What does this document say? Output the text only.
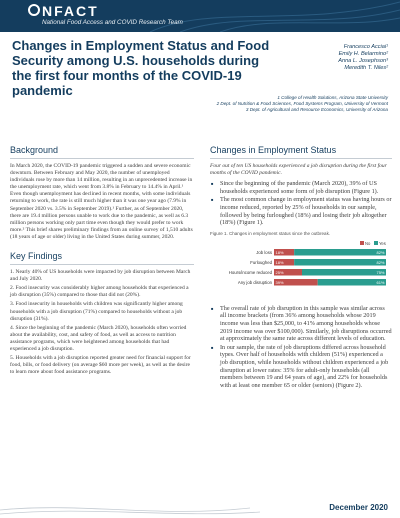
NFACT
National Food Access and COVID Research Team
Changes in Employment Status and Food Security among U.S. households during the first four months of the COVID-19 pandemic
Francesco Acciai¹
Emily H. Belarmino²
Anna L. Josephson³
Meredith T. Niles²
1 College of Health Solutions, Arizona State University
2 Dept. of Nutrition & Food Sciences, Food Systems Program, University of Vermont
3 Dept. of Agricultural and Resource Economics, University of Arizona
Background

In March 2020, the COVID-19 pandemic triggered a sudden and severe economic downturn. Between February and May 2020, the number of unemployed individuals rose by more than 14 million, resulting in an unprecedented increase in the unemployment rate, which went from 3.8% in February to 14.4% in April.¹ Even though unemployment has declined in recent months, with some individuals returning to work, the rate is still much higher than it was one year ago (7.9% in September 2020 vs. 3.5% in September 2019).¹ Further, as of September 2020, there are 19.4 million persons unable to work due to the pandemic, as well as 6.3 million persons working only part time even though they would prefer to work more.² This brief shares preliminary findings from an online survey of 1,510 adults (18 years of age or older) living in the United States during summer, 2020.

Key Findings
1. Nearly 40% of US households were impacted by job disruption between March and July 2020.
2. Food insecurity was considerably higher among households that experienced a job disruption (35%) compared to those that did not (20%).
3. Food insecurity in households with children was significantly higher among households with a job disruption (71%) compared to households without a job disruption (31%).
4. Since the beginning of the pandemic (March 2020), households often worried about the availability, cost, and safety of food, as well as access to nutrition assistance programs, which were heightened among households that had experienced a job disruption.
5. Households with a job disruption reported greater need for financial support for food, bills, or food delivery (on average $60 more per week), as well as the desire to learn more about food assistance programs.
Changes in Employment Status

Four out of ten US households experienced a job disruption during the first four months of the COVID pandemic.

■ Since the beginning of the pandemic (March 2020), 39% of US households experienced some form of job disruption (Figure 1).
■ The most common change in employment status was having hours or income reduced, reported by 25% of households in our sample, followed by being furloughed (18%) and losing their job altogether (18%) (Figure 1).
Figure 1. Changes in employment status since the outbreak.
No Yes
Job loss 18%	82%
Furloughed 18%	82%
Hours/income reduced 25%	75%
Any job disruption 39%	61%
■ The overall rate of job disruption in this sample was similar across all income brackets (from 36% among households whose 2019 income was less than $25,000, to 41% among households whose 2019 income was over $100,000). Similarly, job disruptions occurred at approximately the same rate across different levels of education.
■ In our sample, the rate of job disruptions differed across household types. Over half of households with children (51%) experienced a job disruption, while households without children experienced a job disruption at lower rates: 35% for adult-only households (all members between 19 and 64 years of age), and 22% for households with at least one member 65 or older (seniors) (Figure 2).
December 2020
